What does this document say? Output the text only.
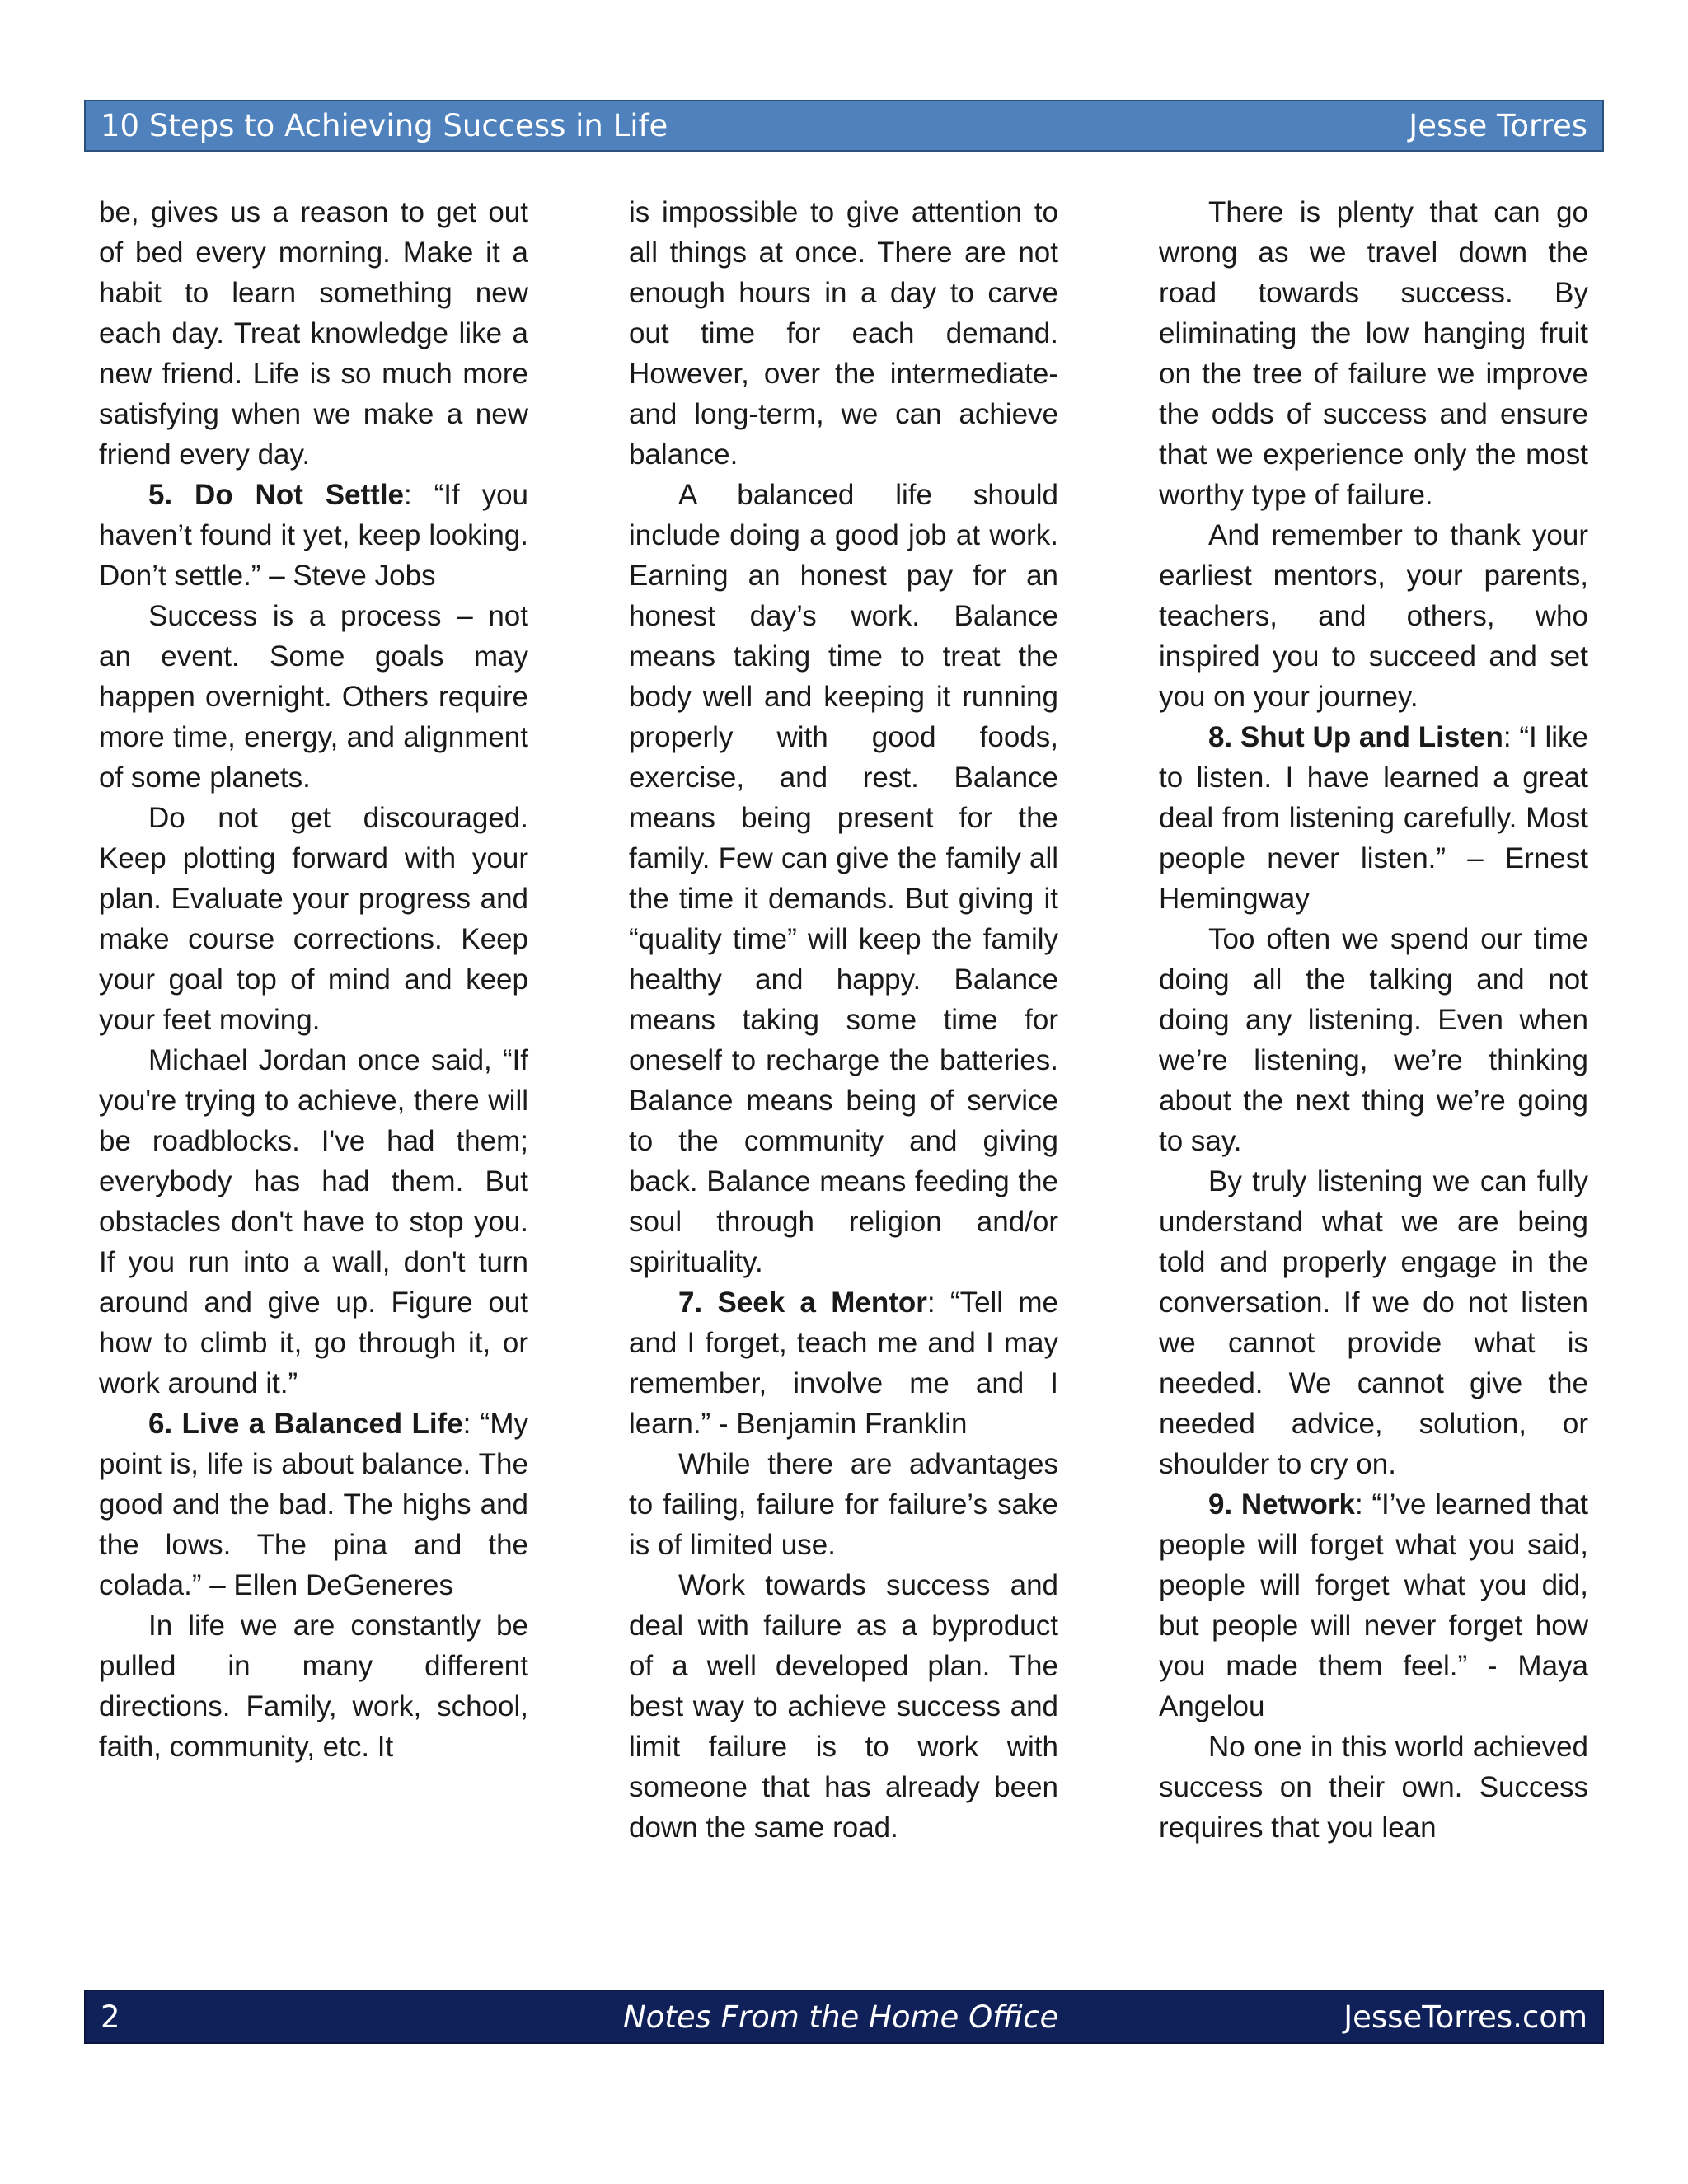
10 Steps to Achieving Success in Life	Jesse Torres

be, gives us a reason to get out of bed every morning. Make it a habit to learn something new each day. Treat knowledge like a new friend. Life is so much more satisfying when we make a new friend every day.

5. Do Not Settle: “If you haven’t found it yet, keep looking. Don’t settle.” – Steve Jobs

Success is a process – not an event. Some goals may happen overnight. Others require more time, energy, and alignment of some planets.

Do not get discouraged. Keep plotting forward with your plan. Evaluate your progress and make course corrections. Keep your goal top of mind and keep your feet moving.

Michael Jordan once said, “If you're trying to achieve, there will be roadblocks. I've had them; everybody has had them. But obstacles don't have to stop you. If you run into a wall, don't turn around and give up. Figure out how to climb it, go through it, or work around it.”

6. Live a Balanced Life: “My point is, life is about balance. The good and the bad. The highs and the lows. The pina and the colada.” – Ellen DeGeneres

In life we are constantly be pulled in many different directions. Family, work, school, faith, community, etc. It

is impossible to give attention to all things at once. There are not enough hours in a day to carve out time for each demand. However, over the intermediate- and long-term, we can achieve balance.

A balanced life should include doing a good job at work. Earning an honest pay for an honest day’s work. Balance means taking time to treat the body well and keeping it running properly with good foods, exercise, and rest. Balance means being present for the family. Few can give the family all the time it demands. But giving it “quality time” will keep the family healthy and happy. Balance means taking some time for oneself to recharge the batteries. Balance means being of service to the community and giving back. Balance means feeding the soul through religion and/or spirituality.

7. Seek a Mentor: “Tell me and I forget, teach me and I may remember, involve me and I learn.” - Benjamin Franklin

While there are advantages to failing, failure for failure’s sake is of limited use.

Work towards success and deal with failure as a byproduct of a well developed plan. The best way to achieve success and limit failure is to work with someone that has already been down the same road.

There is plenty that can go wrong as we travel down the road towards success. By eliminating the low hanging fruit on the tree of failure we improve the odds of success and ensure that we experience only the most worthy type of failure.

And remember to thank your earliest mentors, your parents, teachers, and others, who inspired you to succeed and set you on your journey.

8. Shut Up and Listen: “I like to listen. I have learned a great deal from listening carefully. Most people never listen.” – Ernest Hemingway

Too often we spend our time doing all the talking and not doing any listening. Even when we’re listening, we’re thinking about the next thing we’re going to say.

By truly listening we can fully understand what we are being told and properly engage in the conversation. If we do not listen we cannot provide what is needed. We cannot give the needed advice, solution, or shoulder to cry on.

9. Network: “I’ve learned that people will forget what you said, people will forget what you did, but people will never forget how you made them feel.” - Maya Angelou

No one in this world achieved success on their own. Success requires that you lean

2	Notes From the Home Office	JesseTorres.com
